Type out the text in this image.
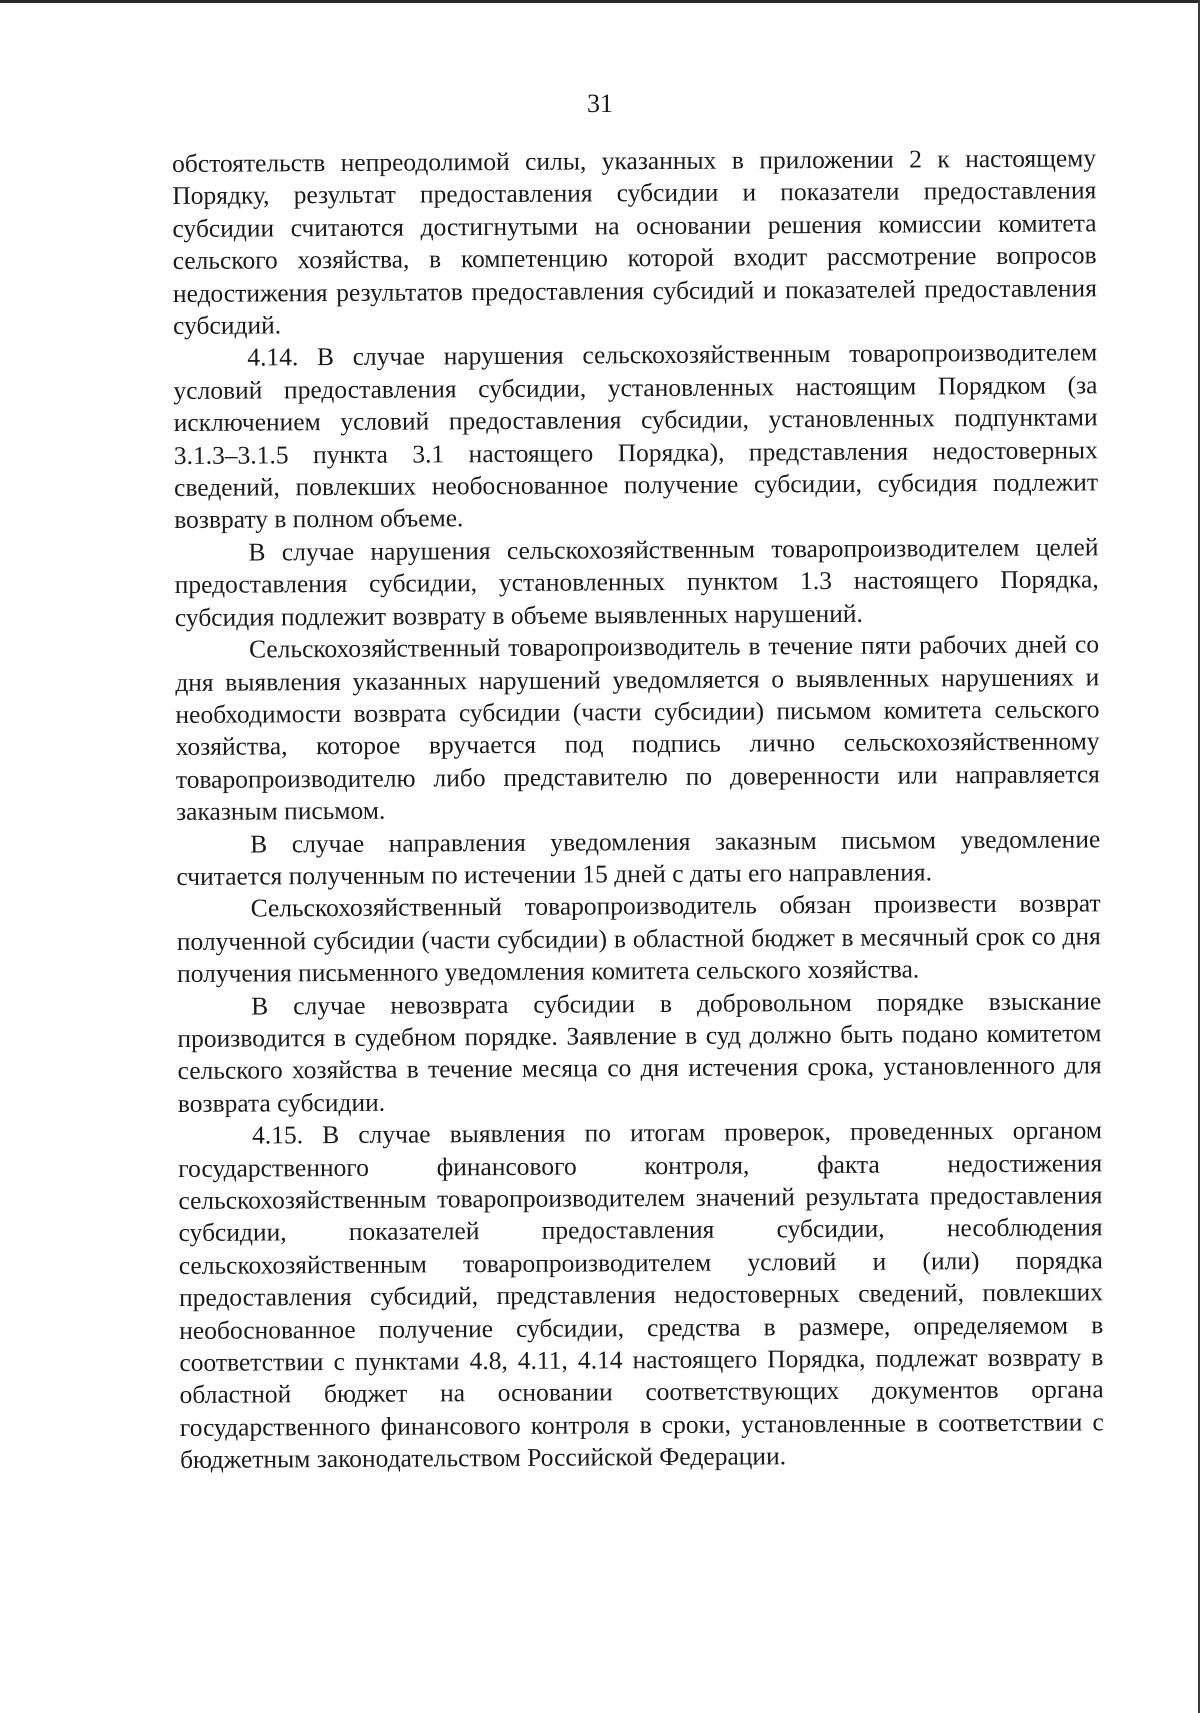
31

обстоятельств непреодолимой силы, указанных в приложении 2 к настоящему Порядку, результат предоставления субсидии и показатели предоставления субсидии считаются достигнутыми на основании решения комиссии комитета сельского хозяйства, в компетенцию которой входит рассмотрение вопросов недостижения результатов предоставления субсидий и показателей предоставления субсидий.

4.14. В случае нарушения сельскохозяйственным товаропроизводителем условий предоставления субсидии, установленных настоящим Порядком (за исключением условий предоставления субсидии, установленных подпунктами 3.1.3–3.1.5 пункта 3.1 настоящего Порядка), представления недостоверных сведений, повлекших необоснованное получение субсидии, субсидия подлежит возврату в полном объеме.

В случае нарушения сельскохозяйственным товаропроизводителем целей предоставления субсидии, установленных пунктом 1.3 настоящего Порядка, субсидия подлежит возврату в объеме выявленных нарушений.

Сельскохозяйственный товаропроизводитель в течение пяти рабочих дней со дня выявления указанных нарушений уведомляется о выявленных нарушениях и необходимости возврата субсидии (части субсидии) письмом комитета сельского хозяйства, которое вручается под подпись лично сельскохозяйственному товаропроизводителю либо представителю по доверенности или направляется заказным письмом.

В случае направления уведомления заказным письмом уведомление считается полученным по истечении 15 дней с даты его направления.

Сельскохозяйственный товаропроизводитель обязан произвести возврат полученной субсидии (части субсидии) в областной бюджет в месячный срок со дня получения письменного уведомления комитета сельского хозяйства.

В случае невозврата субсидии в добровольном порядке взыскание производится в судебном порядке. Заявление в суд должно быть подано комитетом сельского хозяйства в течение месяца со дня истечения срока, установленного для возврата субсидии.

4.15. В случае выявления по итогам проверок, проведенных органом государственного финансового контроля, факта недостижения сельскохозяйственным товаропроизводителем значений результата предоставления субсидии, показателей предоставления субсидии, несоблюдения сельскохозяйственным товаропроизводителем условий и (или) порядка предоставления субсидий, представления недостоверных сведений, повлекших необоснованное получение субсидии, средства в размере, определяемом в соответствии с пунктами 4.8, 4.11, 4.14 настоящего Порядка, подлежат возврату в областной бюджет на основании соответствующих документов органа государственного финансового контроля в сроки, установленные в соответствии с бюджетным законодательством Российской Федерации.
